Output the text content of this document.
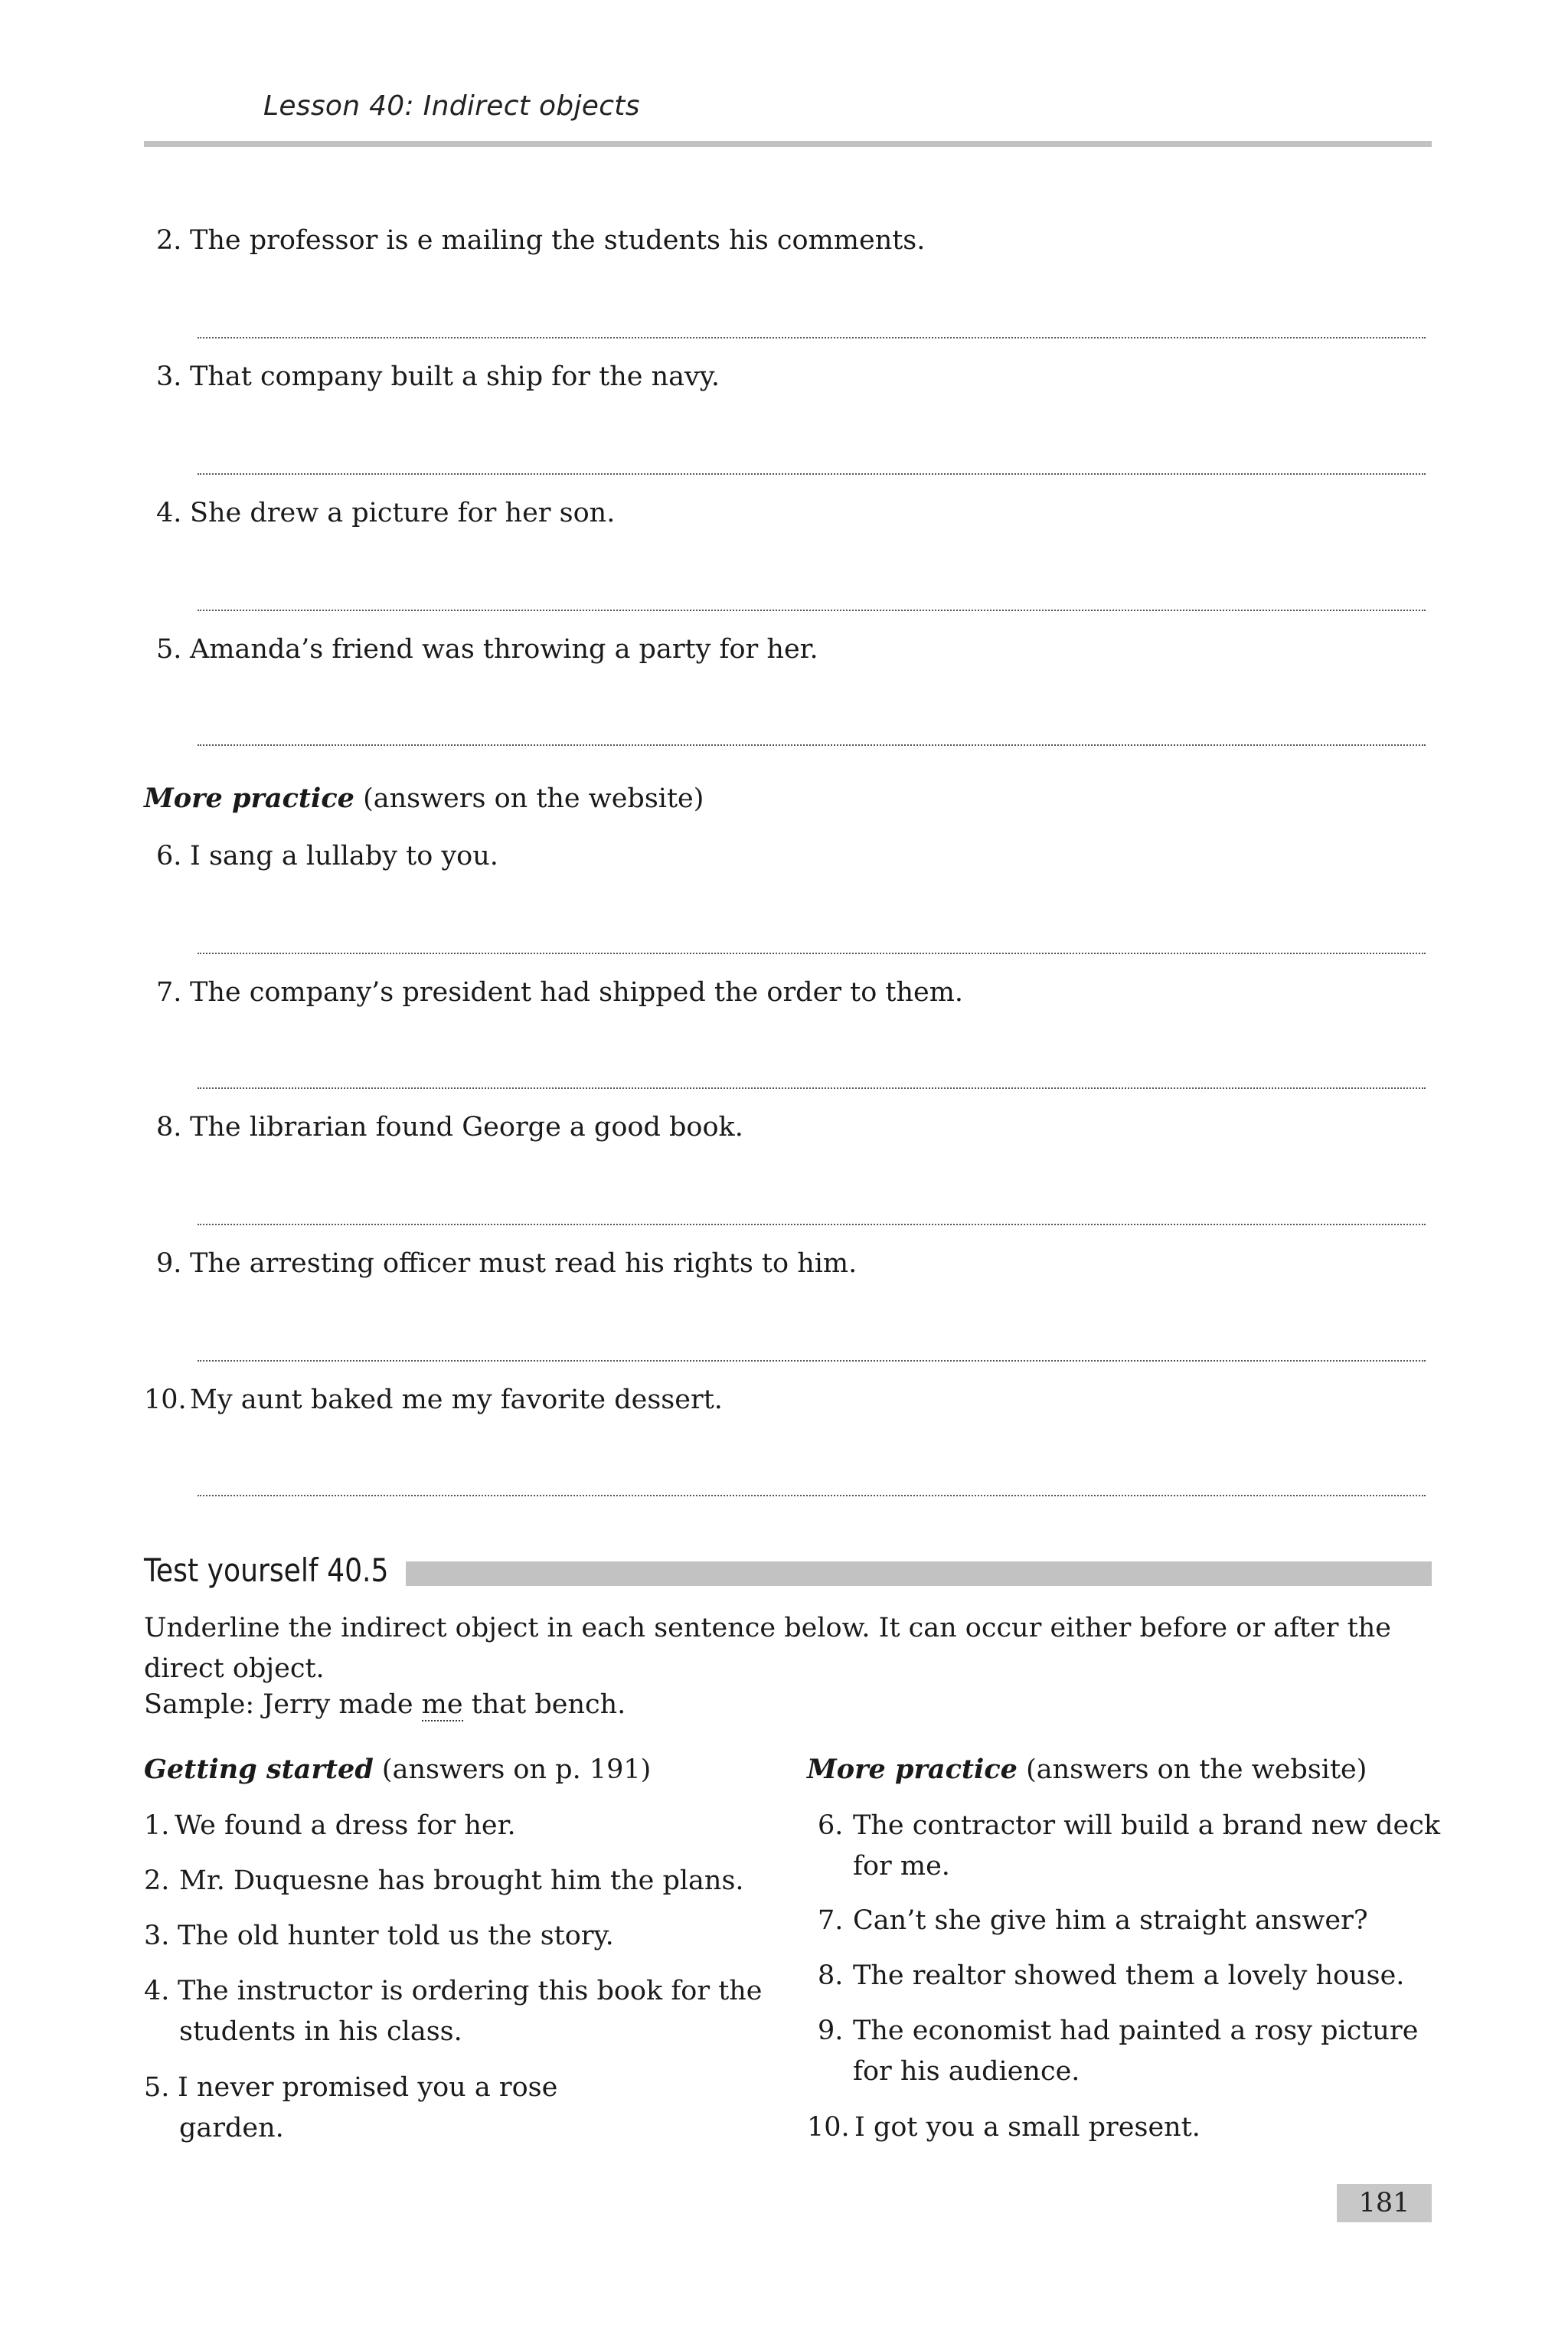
Lesson 40: Indirect objects
2. The professor is e mailing the students his comments.
3. That company built a ship for the navy.
4. She drew a picture for her son.
5. Amanda’s friend was throwing a party for her.
More practice (answers on the website)
6. I sang a lullaby to you.
7. The company’s president had shipped the order to them.
8. The librarian found George a good book.
9. The arresting officer must read his rights to him.
10. My aunt baked me my favorite dessert.
Test yourself 40.5
Underline the indirect object in each sentence below. It can occur either before or after the direct object.
Sample: Jerry made me that bench.
Getting started (answers on p. 191)
1. We found a dress for her.
2. Mr. Duquesne has brought him the plans.
3. The old hunter told us the story.
4. The instructor is ordering this book for the
students in his class.
5. I never promised you a rose
garden.
More practice (answers on the website)
6. The contractor will build a brand new deck
for me.
7. Can’t she give him a straight answer?
8. The realtor showed them a lovely house.
9. The economist had painted a rosy picture
for his audience.
10. I got you a small present.
181
